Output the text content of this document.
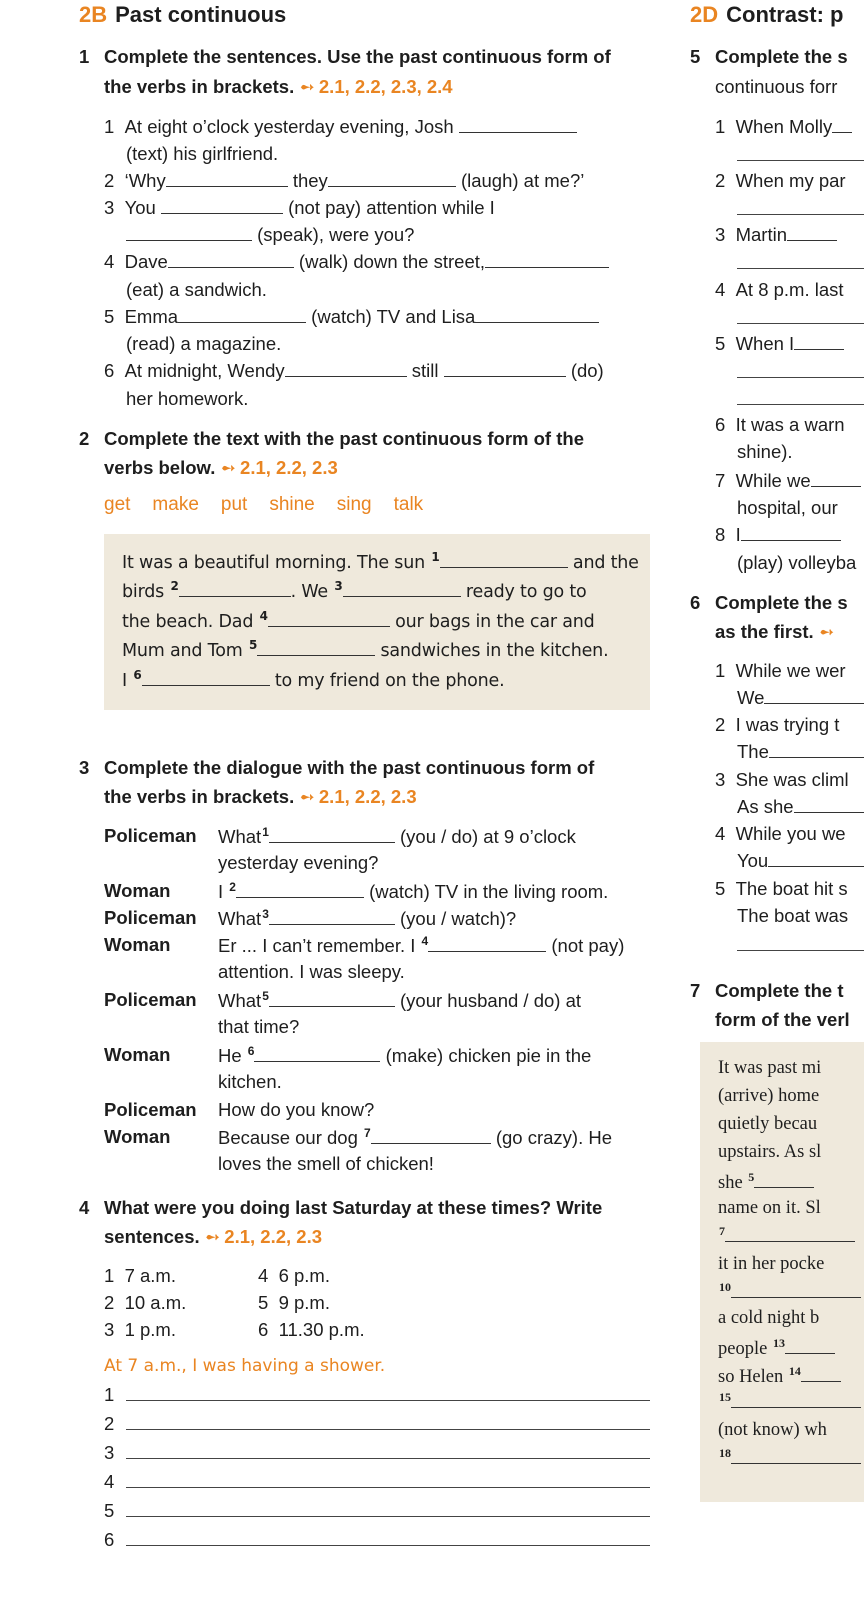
2B Past continuous
1 Complete the sentences. Use the past continuous form of
the verbs in brackets. ➻ 2.1, 2.2, 2.3, 2.4
1 At eight o’clock yesterday evening, Josh
(text) his girlfriend.
2 ‘Why	they	(laugh) at me?’
3 You	(not pay) attention while I
(speak), were you?
4 Dave	(walk) down the street,
(eat) a sandwich.
5 Emma	(watch) TV and Lisa
(read) a magazine.
6 At midnight, Wendy	still	(do)
her homework.
2 Complete the text with the past continuous form of the
verbs below. ➻ 2.1, 2.2, 2.3
get make put shine sing talk
It was a beautiful morning. The sun $^1$	and the
birds $^2$	. We $^3$	ready to go to
the beach. Dad $^4$	our bags in the car and
Mum and Tom $^5$	sandwiches in the kitchen.
I $^6$	to my friend on the phone.
3 Complete the dialogue with the past continuous form of
the verbs in brackets. ➻ 2.1, 2.2, 2.3
Policeman What$^1$	(you / do) at 9 o’clock
yesterday evening?
Woman	I $^2$	(watch) TV in the living room.
Policeman What$^3$	(you / watch)?
Woman	Er ... I can’t remember. I $^4$	(not pay)
attention. I was sleepy.
Policeman What$^5$	(your husband / do) at
that time?
Woman	He $^6$	(make) chicken pie in the
kitchen.
Policeman How do you know?
Woman	Because our dog $^7$	(go crazy). He
loves the smell of chicken!
4 What were you doing last Saturday at these times? Write
sentences. ➻ 2.1, 2.2, 2.3
1 7 a.m.	4 6 p.m.
2 10 a.m.	5 9 p.m.
3 1 p.m.	6 11.30 p.m.
At 7 a.m., I was having a shower.
1
2
3
4
5
6
2D Contrast: p
5 Complete the s
continuous forr
1 When Molly
2 When my par
3 Martin
4 At 8 p.m. last
5 When I
6 It was a warn
shine).
7 While we
hospital, our
8 I
(play) volleyba
6 Complete the s
as the first. ➻
1 While we wer
We
2 I was trying t
The
3 She was climl
As she
4 While you we
You
5 The boat hit s
The boat was
7 Complete the t
form of the verl
It was past mi
(arrive) home
quietly becau
upstairs. As sl
she $^5$
name on it. Sl
$^7$
it in her pocke
$^{10}$
a cold night b
people $^{13}$
so Helen $^{14}$
$^{15}$
(not know) wh
$^{18}$
